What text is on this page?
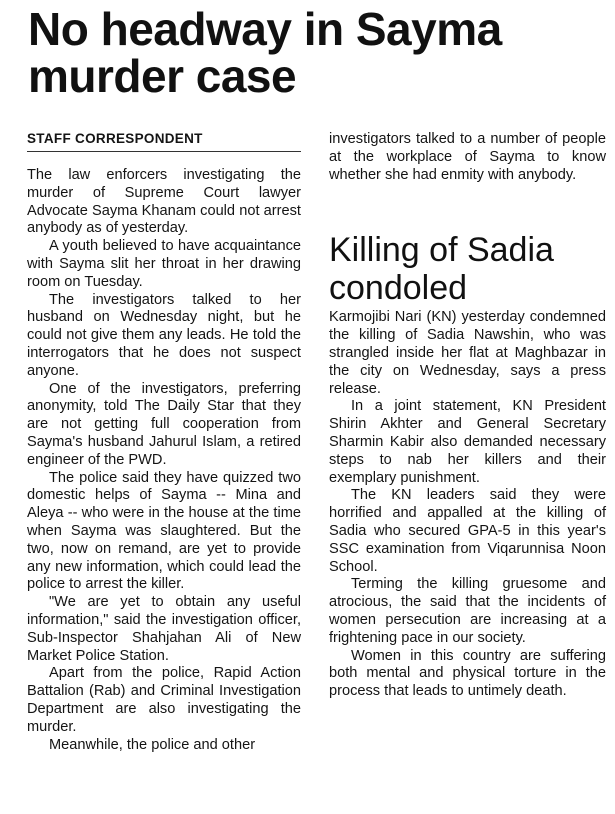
No headway in Sayma murder case
STAFF CORRESPONDENT

The law enforcers investigating the murder of Supreme Court lawyer Advocate Sayma Khanam could not arrest anybody as of yesterday.

A youth believed to have acquaintance with Sayma slit her throat in her drawing room on Tuesday.

The investigators talked to her husband on Wednesday night, but he could not give them any leads. He told the interrogators that he does not suspect anyone.

One of the investigators, preferring anonymity, told The Daily Star that they are not getting full cooperation from Sayma's husband Jahurul Islam, a retired engineer of the PWD.

The police said they have quizzed two domestic helps of Sayma -- Mina and Aleya -- who were in the house at the time when Sayma was slaughtered. But the two, now on remand, are yet to provide any new information, which could lead the police to arrest the killer.

"We are yet to obtain any useful information," said the investigation officer, Sub-Inspector Shahjahan Ali of New Market Police Station.

Apart from the police, Rapid Action Battalion (Rab) and Criminal Investigation Department are also investigating the murder.

Meanwhile, the police and other

investigators talked to a number of people at the workplace of Sayma to know whether she had enmity with anybody.

Killing of Sadia condoled

Karmojibi Nari (KN) yesterday condemned the killing of Sadia Nawshin, who was strangled inside her flat at Maghbazar in the city on Wednesday, says a press release.

In a joint statement, KN President Shirin Akhter and General Secretary Sharmin Kabir also demanded necessary steps to nab her killers and their exemplary punishment.

The KN leaders said they were horrified and appalled at the killing of Sadia who secured GPA-5 in this year's SSC examination from Viqarunnisa Noon School.

Terming the killing gruesome and atrocious, the said that the incidents of women persecution are increasing at a frightening pace in our society.

Women in this country are suffering both mental and physical torture in the process that leads to untimely death.
